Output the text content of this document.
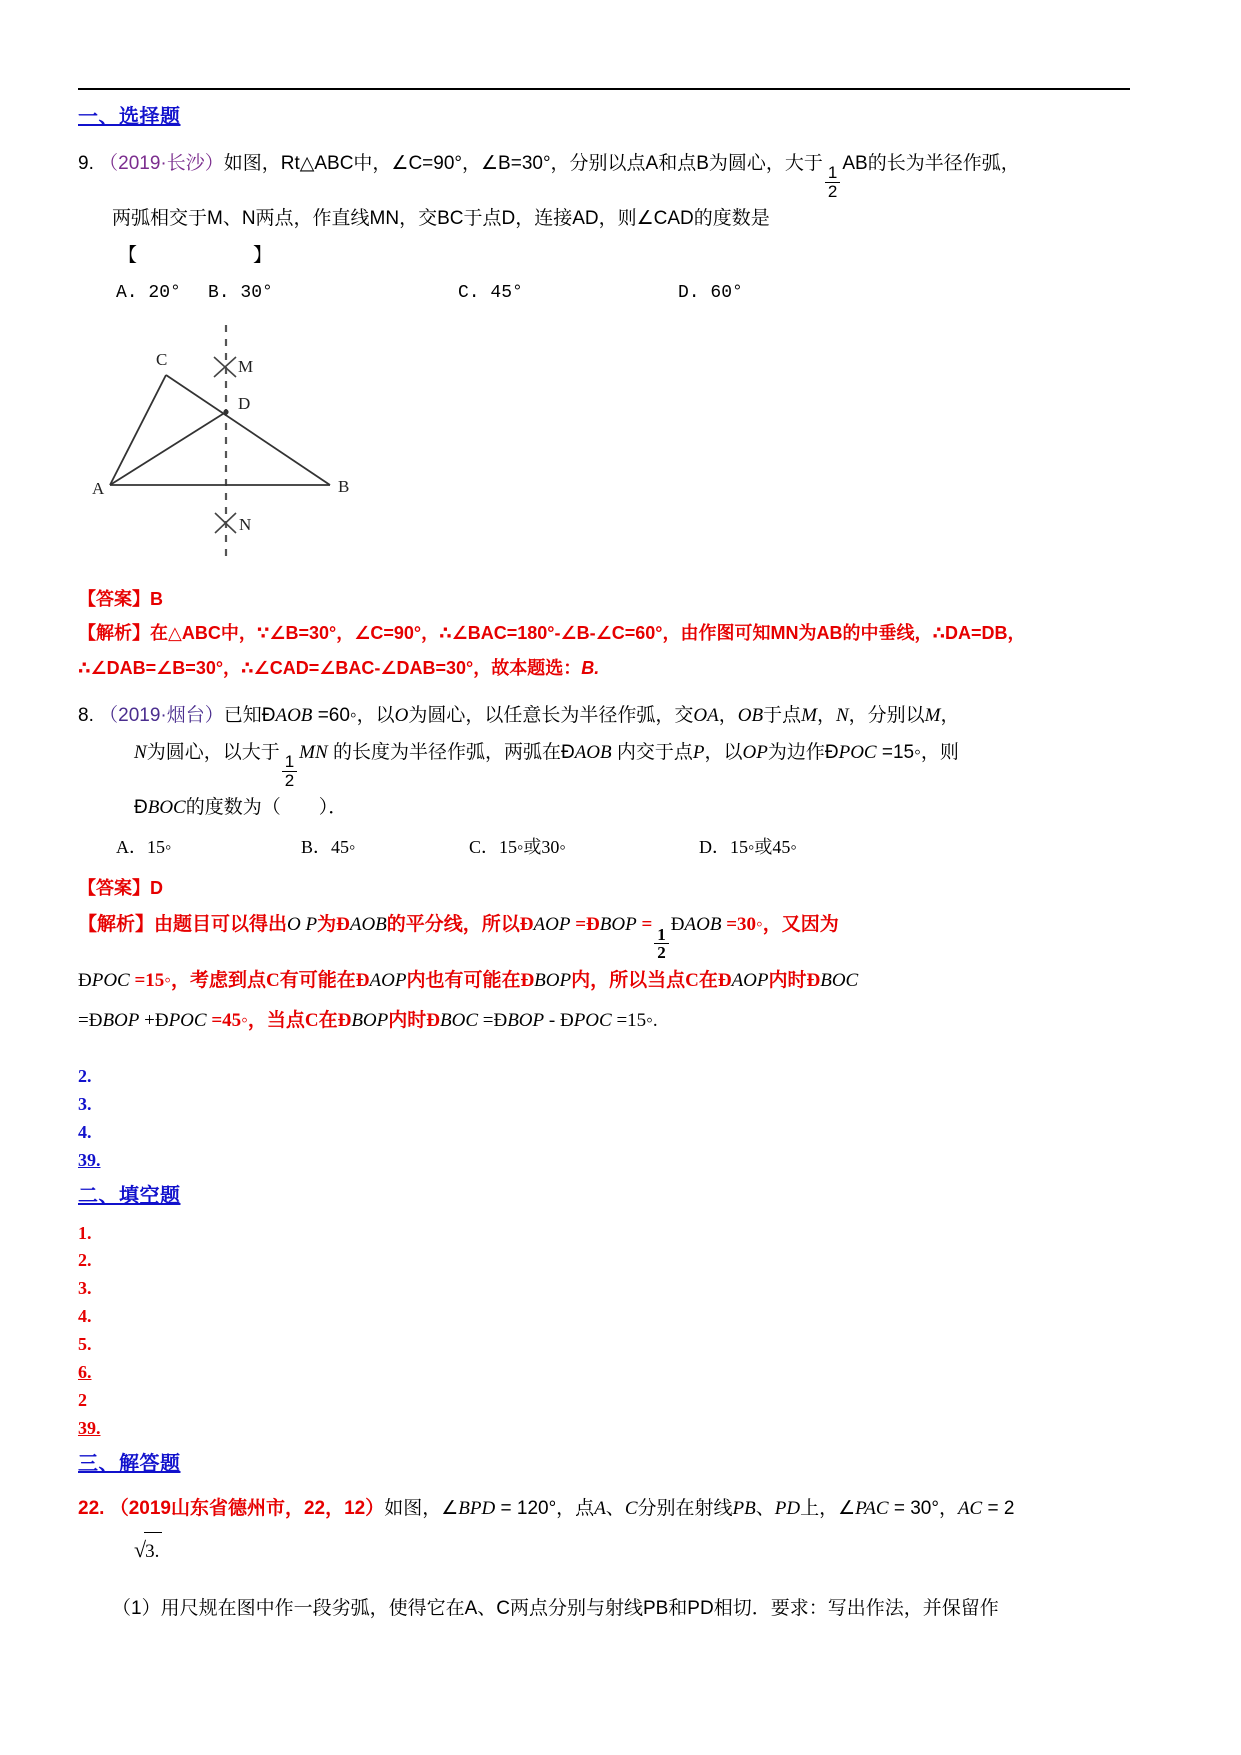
一、选择题
9. （2019·长沙）如图，Rt△ABC中，∠C=90°，∠B=30°，分别以点A和点B为圆心，大于
$\frac{1}{2}$
AB的长为半径作弧，
两弧相交于M、N两点，作直线MN，交BC于点D，连接AD，则∠CAD的度数是
【　　】
A. 20° B. 30°	C. 45°	D. 60°
C	M
D
A	B
N
【答案】B
【解析】在△ABC中，∵∠B=30°，∠C=90°，∴∠BAC=180°-∠B-∠C=60°，由作图可知MN为AB的中垂线，∴DA=DB，
∴∠DAB=∠B=30°，∴∠CAD=∠BAC-∠DAB=30°，故本题选：B.
8. （2019·烟台）已知ÐAOB =60◦，以O为圆心，以任意长为半径作弧，交OA，OB于点M，N，分别以M，
N为圆心，以大于
$\frac{1}{2}$
MN 的长度为半径作弧，两弧在ÐAOB 内交于点P，以OP为边作ÐPOC =15◦，则
ÐBOC的度数为（　　）．
A．15◦	B．45◦	C．15◦或30◦	D．15◦或45◦
【答案】D
【解析】由题目可以得出O P为ÐAOB的平分线，所以ÐAOP =ÐBOP =
$\frac{1}{2}$
ÐAOB =30◦，又因为
ÐPOC =15◦，考虑到点C有可能在ÐAOP内也有可能在ÐBOP内，所以当点C在ÐAOP内时ÐBOC
=ÐBOP +ÐPOC =45◦，当点C在ÐBOP内时ÐBOC =ÐBOP - ÐPOC =15◦.
2.
3.
4.
39.
二、填空题
1.
2.
3.
4.
5.
6.
2
39.
三、解答题
22. （2019山东省德州市，22，12）如图，∠BPD = 120°，点A、C分别在射线PB、PD上，∠PAC = 30°，AC = 2
√3.
（1）用尺规在图中作一段劣弧，使得它在A、C两点分别与射线PB和PD相切．要求：写出作法，并保留作
